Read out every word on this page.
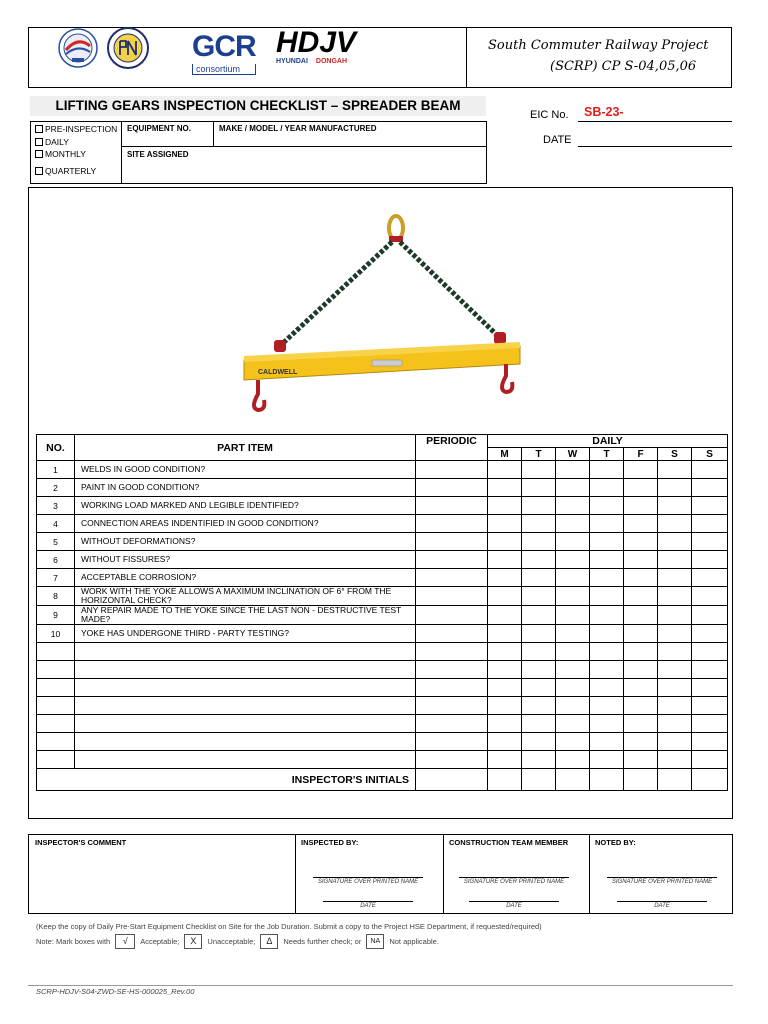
GCR
consortium
HDJV
HYUNDAI DONGAH
South Commuter Railway Project
(SCRP) CP S-04,05,06
LIFTING GEARS INSPECTION CHECKLIST – SPREADER BEAM
PRE-INSPECTION
DAILY
MONTHLY
QUARTERLY
EQUIPMENT NO.	MAKE / MODEL / YEAR MANUFACTURED
SITE ASSIGNED
EIC No. SB-23-
DATE
CALDWELL
NO.	PART ITEM	PERIODIC	DAILY						
			M	T	W	T	F	S	S
1	WELDS IN GOOD CONDITION?								
2	PAINT IN GOOD CONDITION?								
3	WORKING LOAD MARKED AND LEGIBLE IDENTIFIED?								
4	CONNECTION AREAS INDENTIFIED IN GOOD CONDITION?								
5	WITHOUT DEFORMATIONS?								
6	WITHOUT FISSURES?								
7	ACCEPTABLE CORROSION?								
8	WORK WITH THE YOKE ALLOWS A MAXIMUM INCLINATION OF 6° FROM THE HORIZONTAL CHECK?								
9	ANY REPAIR MADE TO THE YOKE SINCE THE LAST NON - DESTRUCTIVE TEST MADE?								
10	YOKE HAS UNDERGONE THIRD - PARTY TESTING?								

INSPECTOR'S INITIALS									
INSPECTOR'S COMMENT	INSPECTED BY:	CONSTRUCTION TEAM MEMBER	NOTED BY:
SIGNATURE OVER PRINTED NAME
DATE
SIGNATURE OVER PRINTED NAME
DATE
SIGNATURE OVER PRINTED NAME
DATE
(Keep the copy of Daily Pre-Start Equipment Checklist on Site for the Job Duration. Submit a copy to the Project HSE Department, if requested/required)
Note: Mark boxes with	√	Acceptable;	X	Unacceptable;	Δ	Needs further check; or	NA	Not applicable.
SCRP-HDJV-S04-ZWD-SE-HS-000025_Rev.00
